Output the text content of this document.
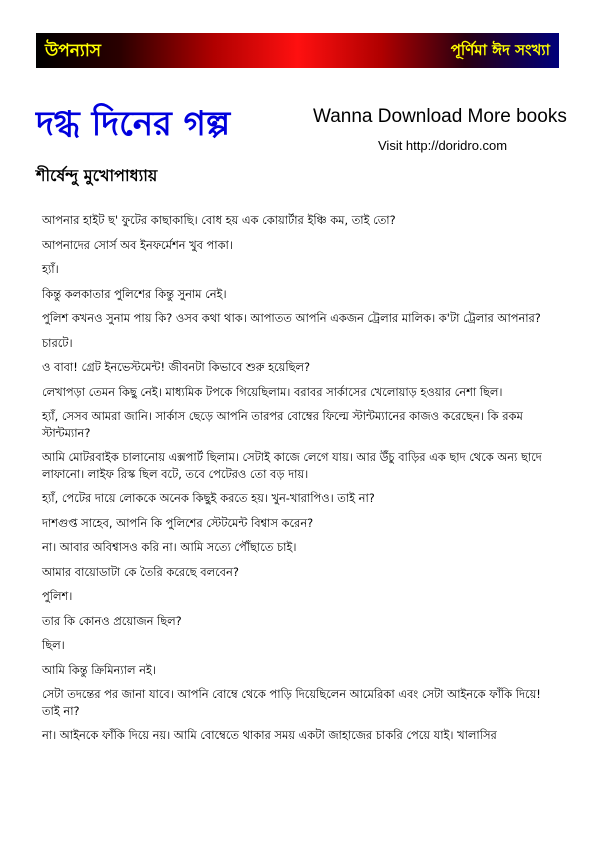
উপন্যাস	পূর্ণিমা ঈদ সংখ্যা
দগ্ধ দিনের গল্প	Wanna Download More books
Visit http://doridro.com
শীর্ষেন্দু মুখোপাধ্যায়

আপনার হাইট ছ' ফুটের কাছাকাছি। বোধ হয় এক কোয়ার্টার ইঞ্চি কম, তাই তো?

আপনাদের সোর্স অব ইনফর্মেশন খুব পাকা।

হ্যাঁ।

কিন্তু কলকাতার পুলিশের কিন্তু সুনাম নেই।

পুলিশ কখনও সুনাম পায় কি? ওসব কথা থাক। আপাতত আপনি একজন ট্রেলার মালিক। ক'টা ট্রেলার আপনার?

চারটে।

ও বাবা! গ্রেট ইনভেস্টমেন্ট! জীবনটা কিভাবে শুরু হয়েছিল?

লেখাপড়া তেমন কিছু নেই। মাধ্যমিক টপকে গিয়েছিলাম। বরাবর সার্কাসের খেলোয়াড় হওয়ার নেশা ছিল।

হ্যাঁ, সেসব আমরা জানি। সার্কাস ছেড়ে আপনি তারপর বোম্বের ফিল্মে স্টান্টম্যানের কাজও করেছেন। কি রকম স্টান্টম্যান?

আমি মোটরবাইক চালানোয় এক্সপার্ট ছিলাম। সেটাই কাজে লেগে যায়। আর উঁচু বাড়ির এক ছাদ থেকে অন্য ছাদে লাফানো। লাইফ রিস্ক ছিল বটে, তবে পেটেরও তো বড় দায়।

হ্যাঁ, পেটের দায়ে লোককে অনেক কিছুই করতে হয়। খুন-খারাপিও। তাই না?

দাশগুপ্ত সাহেব, আপনি কি পুলিশের স্টেটমেন্ট বিশ্বাস করেন?

না। আবার অবিশ্বাসও করি না। আমি সত্যে পৌঁছাতে চাই।

আমার বায়োডাটা কে তৈরি করেছে বলবেন?

পুলিশ।

তার কি কোনও প্রয়োজন ছিল?

ছিল।

আমি কিন্তু ক্রিমিন্যাল নই।

সেটা তদন্তের পর জানা যাবে। আপনি বোম্বে থেকে পাড়ি দিয়েছিলেন আমেরিকা এবং সেটা আইনকে ফাঁকি দিয়ে! তাই না?

না। আইনকে ফাঁকি দিয়ে নয়। আমি বোম্বেতে থাকার সময় একটা জাহাজের চাকরি পেয়ে যাই। খালাসির
